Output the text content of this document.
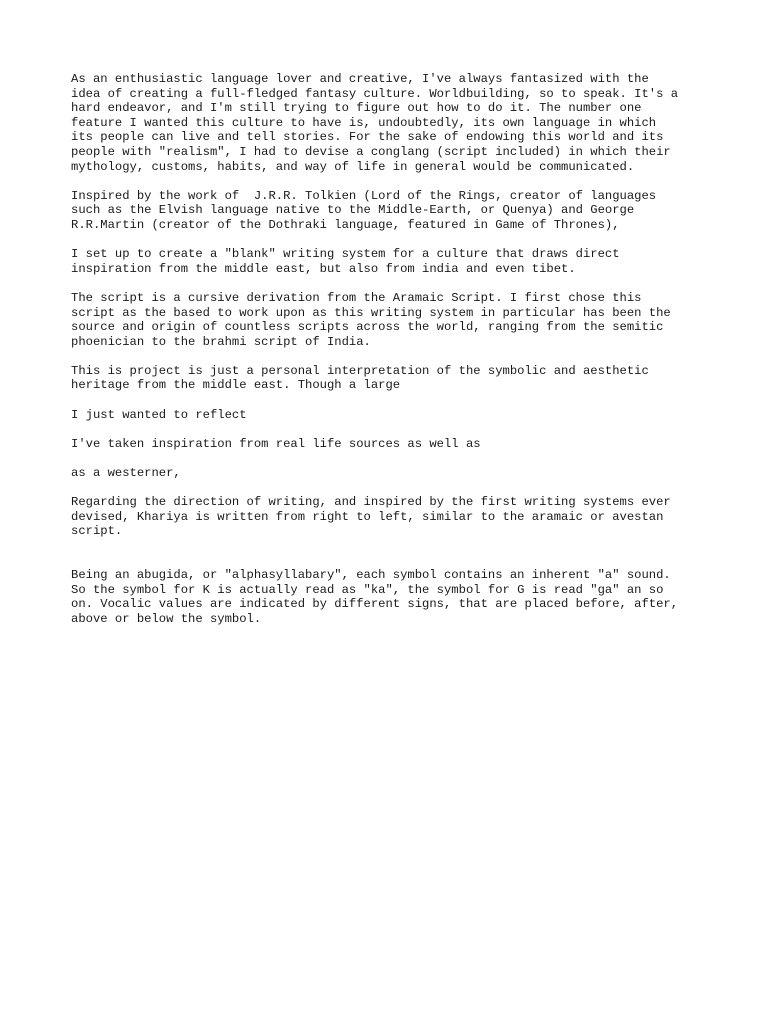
As an enthusiastic language lover and creative, I've always fantasized with the
idea of creating a full-fledged fantasy culture. Worldbuilding, so to speak. It's a
hard endeavor, and I'm still trying to figure out how to do it. The number one
feature I wanted this culture to have is, undoubtedly, its own language in which
its people can live and tell stories. For the sake of endowing this world and its
people with "realism", I had to devise a conglang (script included) in which their
mythology, customs, habits, and way of life in general would be communicated.

Inspired by the work of  J.R.R. Tolkien (Lord of the Rings, creator of languages
such as the Elvish language native to the Middle-Earth, or Quenya) and George
R.R.Martin (creator of the Dothraki language, featured in Game of Thrones),

I set up to create a "blank" writing system for a culture that draws direct
inspiration from the middle east, but also from india and even tibet.

The script is a cursive derivation from the Aramaic Script. I first chose this
script as the based to work upon as this writing system in particular has been the
source and origin of countless scripts across the world, ranging from the semitic
phoenician to the brahmi script of India.

This is project is just a personal interpretation of the symbolic and aesthetic
heritage from the middle east. Though a large

I just wanted to reflect

I've taken inspiration from real life sources as well as

as a westerner,

Regarding the direction of writing, and inspired by the first writing systems ever
devised, Khariya is written from right to left, similar to the aramaic or avestan
script.

Being an abugida, or "alphasyllabary", each symbol contains an inherent "a" sound.
So the symbol for K is actually read as "ka", the symbol for G is read "ga" an so
on. Vocalic values are indicated by different signs, that are placed before, after,
above or below the symbol.
